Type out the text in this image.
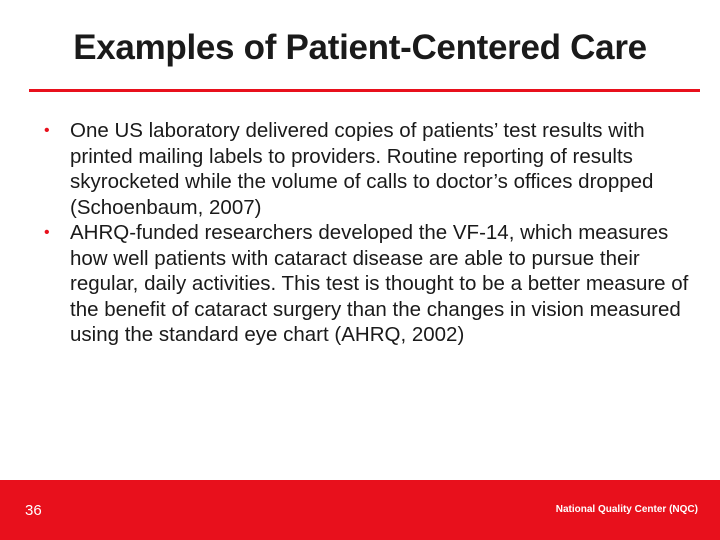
Examples of Patient-Centered Care
• One US laboratory delivered copies of patients’ test results with printed mailing labels to providers. Routine reporting of results skyrocketed while the volume of calls to doctor’s offices dropped (Schoenbaum, 2007)
• AHRQ-funded researchers developed the VF-14, which measures how well patients with cataract disease are able to pursue their regular, daily activities. This test is thought to be a better measure of the benefit of cataract surgery than the changes in vision measured using the standard eye chart (AHRQ, 2002)
36	National Quality Center (NQC)
